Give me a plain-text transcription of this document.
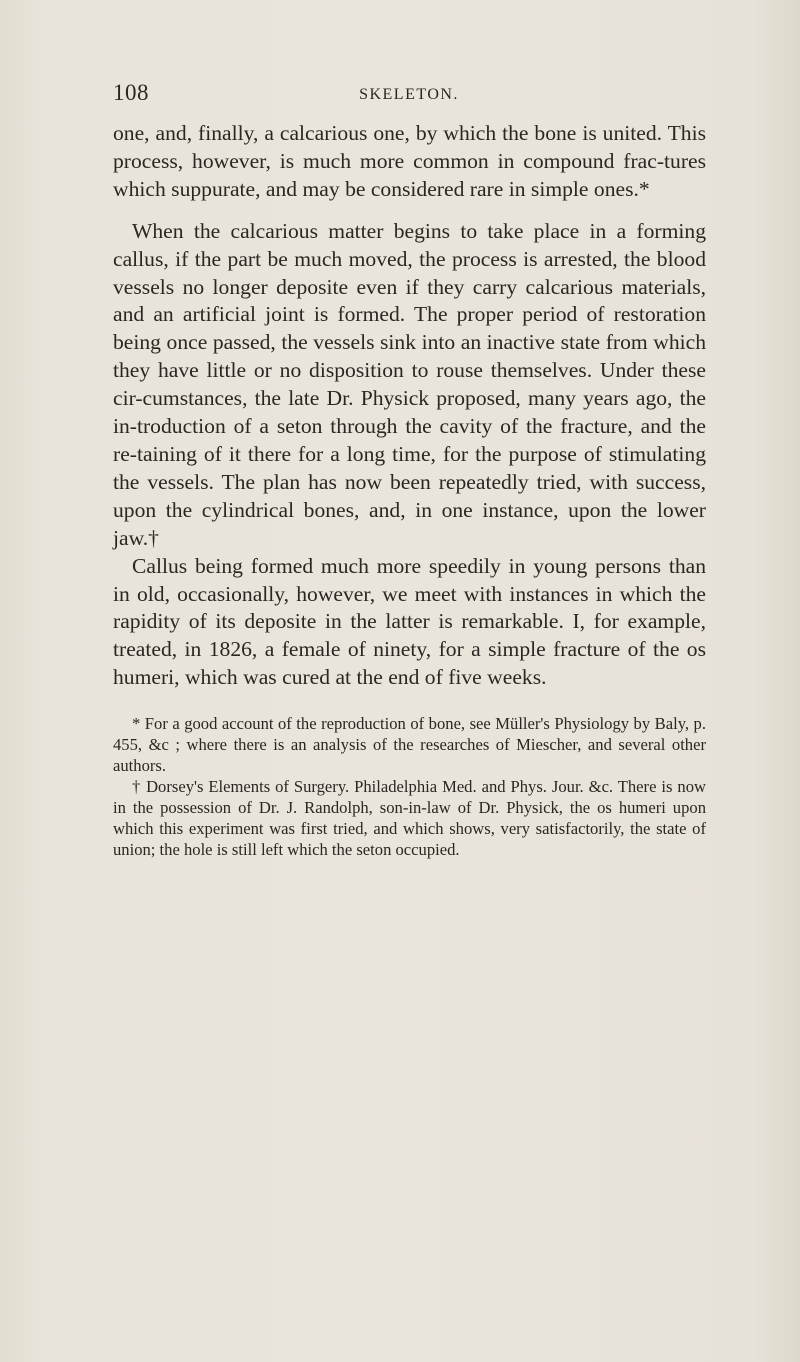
108	SKELETON.

one, and, finally, a calcarious one, by which the bone is united. This process, however, is much more common in compound frac-tures which suppurate, and may be considered rare in simple ones.*

When the calcarious matter begins to take place in a forming callus, if the part be much moved, the process is arrested, the blood vessels no longer deposite even if they carry calcarious materials, and an artificial joint is formed. The proper period of restoration being once passed, the vessels sink into an inactive state from which they have little or no disposition to rouse themselves. Under these cir-cumstances, the late Dr. Physick proposed, many years ago, the in-troduction of a seton through the cavity of the fracture, and the re-taining of it there for a long time, for the purpose of stimulating the vessels. The plan has now been repeatedly tried, with success, upon the cylindrical bones, and, in one instance, upon the lower jaw.†

Callus being formed much more speedily in young persons than in old, occasionally, however, we meet with instances in which the rapidity of its deposite in the latter is remarkable. I, for example, treated, in 1826, a female of ninety, for a simple fracture of the os humeri, which was cured at the end of five weeks.

* For a good account of the reproduction of bone, see Müller's Physiology by Baly, p. 455, &c ; where there is an analysis of the researches of Miescher, and several other authors.

† Dorsey's Elements of Surgery. Philadelphia Med. and Phys. Jour. &c. There is now in the possession of Dr. J. Randolph, son-in-law of Dr. Physick, the os humeri upon which this experiment was first tried, and which shows, very satisfactorily, the state of union; the hole is still left which the seton occupied.
